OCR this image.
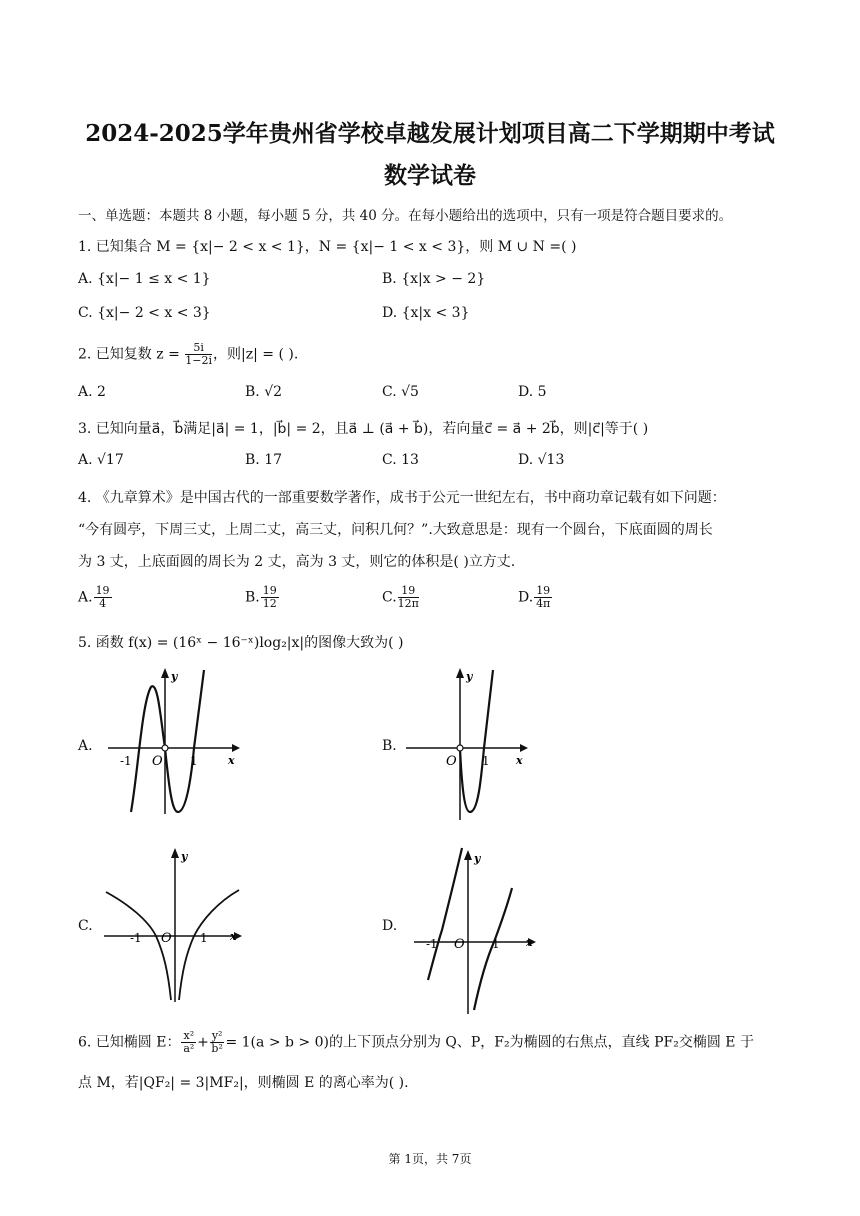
2024-2025学年贵州省学校卓越发展计划项目高二下学期期中考试
数学试卷
一、单选题：本题共 8 小题，每小题 5 分，共 40 分。在每小题给出的选项中，只有一项是符合题目要求的。
1. 已知集合 M = {x|− 2 < x < 1}，N = {x|− 1 < x < 3}，则 M ∪ N =( )
A. {x|− 1 ≤ x < 1}	B. {x|x > − 2}
C. {x|− 2 < x < 3}	D. {x|x < 3}
2. 已知复数 $z = \frac{5i}{1-2i}$ ，则|z| = ( ).
A. 2	B. √2	C. √5	D. 5
3. 已知向量a⃗，b⃗满足|a⃗| = 1，|b⃗| = 2，且a⃗ ⊥ (a⃗ + b⃗)，若向量c⃗ = a⃗ + 2b⃗，则|c⃗|等于( )
A. √17	B. 17	C. 13	D. √13
4. 《九章算术》是中国古代的一部重要数学著作，成书于公元一世纪左右，书中商功章记载有如下问题：
“今有圆亭，下周三丈，上周二丈，高三丈，问积几何？”.大致意思是：现有一个圆台，下底面圆的周长
为 3 丈，上底面圆的周长为 2 丈，高为 3 丈，则它的体积是( )立方丈.
A. $\frac{19}{4}$	B. $\frac{19}{12}$	C. $\frac{19}{12\pi}$	D. $\frac{19}{4\pi}$
5. 函数 f(x) = (16ˣ − 16⁻ˣ)log₂|x|的图像大致为( )
A.
y
x
O
-1	1
B.
y
x
O 1
C.
y
x
O
-1	1
D.
y
x
O
-1	1
6. 已知椭圆 E： $\frac{\text{x²}}{\text{a²}} + \frac{\text{y²}}{\text{b²}} = 1(a > b > 0)$的上下顶点分别为 Q、P，F₂为椭圆的右焦点，直线 PF₂交椭圆 E 于
点 M，若|QF₂| = 3|MF₂|，则椭圆 E 的离心率为( ).
第 1页，共 7页
